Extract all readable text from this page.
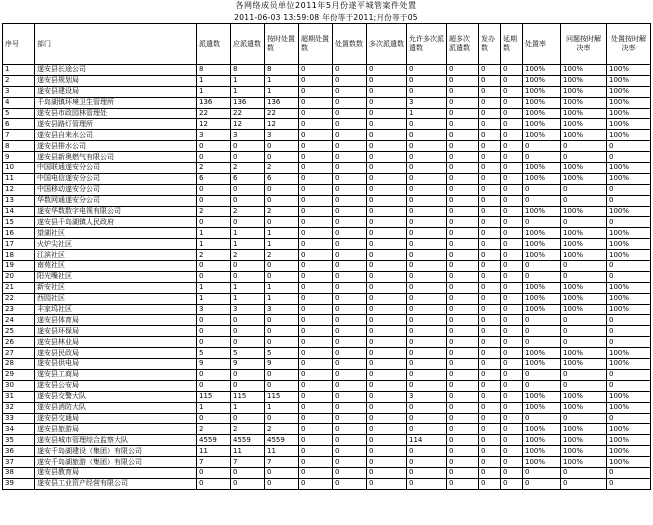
各网络成员单位2011年5月份遂平城管案件处置
2011-06-03 13:59:08 年份等于2011;月份等于05
序号	部门	派遣数	应派遣数	按时处置数	超期处置数	处置数数	多次派遣数	允许多次派遣数	超多次派遣数	发办数	延期数	处置率	问题按时解决率	处置按时解决率
1	遂安县长途公司	8	8	8	0	0	0	0	0	0	0	100%	100%	100%
2	遂安县规划局	1	1	1	0	0	0	0	0	0	0	100%	100%	100%
3	遂安县建设局	1	1	1	0	0	0	0	0	0	0	100%	100%	100%
4	千岛湖镇环境卫生管理所	136	136	136	0	0	0	3	0	0	0	100%	100%	100%
5	遂安县市政园林管理处	22	22	22	0	0	0	1	0	0	0	100%	100%	100%
6	遂安县路灯管理所	12	12	12	0	0	0	0	0	0	0	100%	100%	100%
7	遂安县自来水公司	3	3	3	0	0	0	0	0	0	0	100%	100%	100%
8	遂安县排水公司	0	0	0	0	0	0	0	0	0	0	0	0	0
9	遂安县新奥燃气有限公司	0	0	0	0	0	0	0	0	0	0	0	0	0
10	中国联通遂安分公司	2	2	2	0	0	0	0	0	0	0	100%	100%	100%
11	中国电信遂安分公司	6	6	6	0	0	0	0	0	0	0	100%	100%	100%
12	中国移动遂安分公司	0	0	0	0	0	0	0	0	0	0	0	0	0
13	华数网通遂安分公司	0	0	0	0	0	0	0	0	0	0	0	0	0
14	遂安华数数字电视有限公司	2	2	2	0	0	0	0	0	0	0	100%	100%	100%
15	遂安县千岛湖镇人民政府	0	0	0	0	0	0	0	0	0	0	0	0	0
16	望湖社区	1	1	1	0	0	0	0	0	0	0	100%	100%	100%
17	火炉尖社区	1	1	1	0	0	0	0	0	0	0	100%	100%	100%
18	江滨社区	2	2	2	0	0	0	0	0	0	0	100%	100%	100%
19	南苑社区	0	0	0	0	0	0	0	0	0	0	0	0	0
20	阳光嘴社区	0	0	0	0	0	0	0	0	0	0	0	0	0
21	新安社区	1	1	1	0	0	0	0	0	0	0	100%	100%	100%
22	西园社区	1	1	1	0	0	0	0	0	0	0	100%	100%	100%
23	丰家坞社区	3	3	3	0	0	0	0	0	0	0	100%	100%	100%
24	遂安县体育局	0	0	0	0	0	0	0	0	0	0	0	0	0
25	遂安县环保局	0	0	0	0	0	0	0	0	0	0	0	0	0
26	遂安县林业局	0	0	0	0	0	0	0	0	0	0	0	0	0
27	遂安县民政局	5	5	5	0	0	0	0	0	0	0	100%	100%	100%
28	遂安县供电局	9	9	9	0	0	0	0	0	0	0	100%	100%	100%
29	遂安县工商局	0	0	0	0	0	0	0	0	0	0	0	0	0
30	遂安县公安局	0	0	0	0	0	0	0	0	0	0	0	0	0
31	遂安县交警大队	115	115	115	0	0	0	3	0	0	0	100%	100%	100%
32	遂安县消防大队	1	1	1	0	0	0	0	0	0	0	100%	100%	100%
33	遂安县交通局	0	0	0	0	0	0	0	0	0	0	0	0	0
34	遂安县旅游局	2	2	2	0	0	0	0	0	0	0	100%	100%	100%
35	遂安县城市管理综合监察大队	4559	4559	4559	0	0	0	114	0	0	0	100%	100%	100%
36	遂安千岛湖建设（集团）有限公司	11	11	11	0	0	0	0	0	0	0	100%	100%	100%
37	遂安千岛湖旅游（集团）有限公司	7	7	7	0	0	0	0	0	0	0	100%	100%	100%
38	遂安县教育局	0	0	0	0	0	0	0	0	0	0	0	0	0
39	遂安县工业资产经营有限公司	0	0	0	0	0	0	0	0	0	0	0	0	0
